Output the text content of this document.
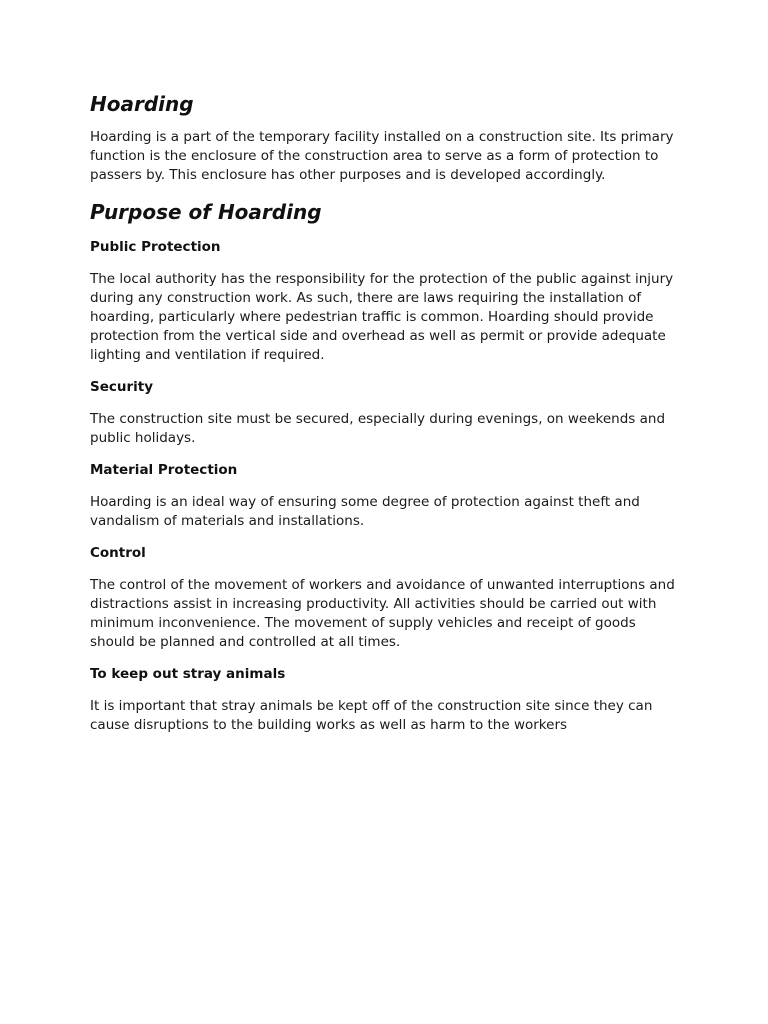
Hoarding

Hoarding is a part of the temporary facility installed on a construction site. Its primary function is the enclosure of the construction area to serve as a form of protection to passers by. This enclosure has other purposes and is developed accordingly.

Purpose of Hoarding
Public Protection

The local authority has the responsibility for the protection of the public against injury during any construction work. As such, there are laws requiring the installation of hoarding, particularly where pedestrian traffic is common. Hoarding should provide protection from the vertical side and overhead as well as permit or provide adequate lighting and ventilation if required.

Security

The construction site must be secured, especially during evenings, on weekends and public holidays.

Material Protection

Hoarding is an ideal way of ensuring some degree of protection against theft and vandalism of materials and installations.

Control

The control of the movement of workers and avoidance of unwanted interruptions and distractions assist in increasing productivity. All activities should be carried out with minimum inconvenience. The movement of supply vehicles and receipt of goods should be planned and controlled at all times.

To keep out stray animals

It is important that stray animals be kept off of the construction site since they can cause disruptions to the building works as well as harm to the workers
